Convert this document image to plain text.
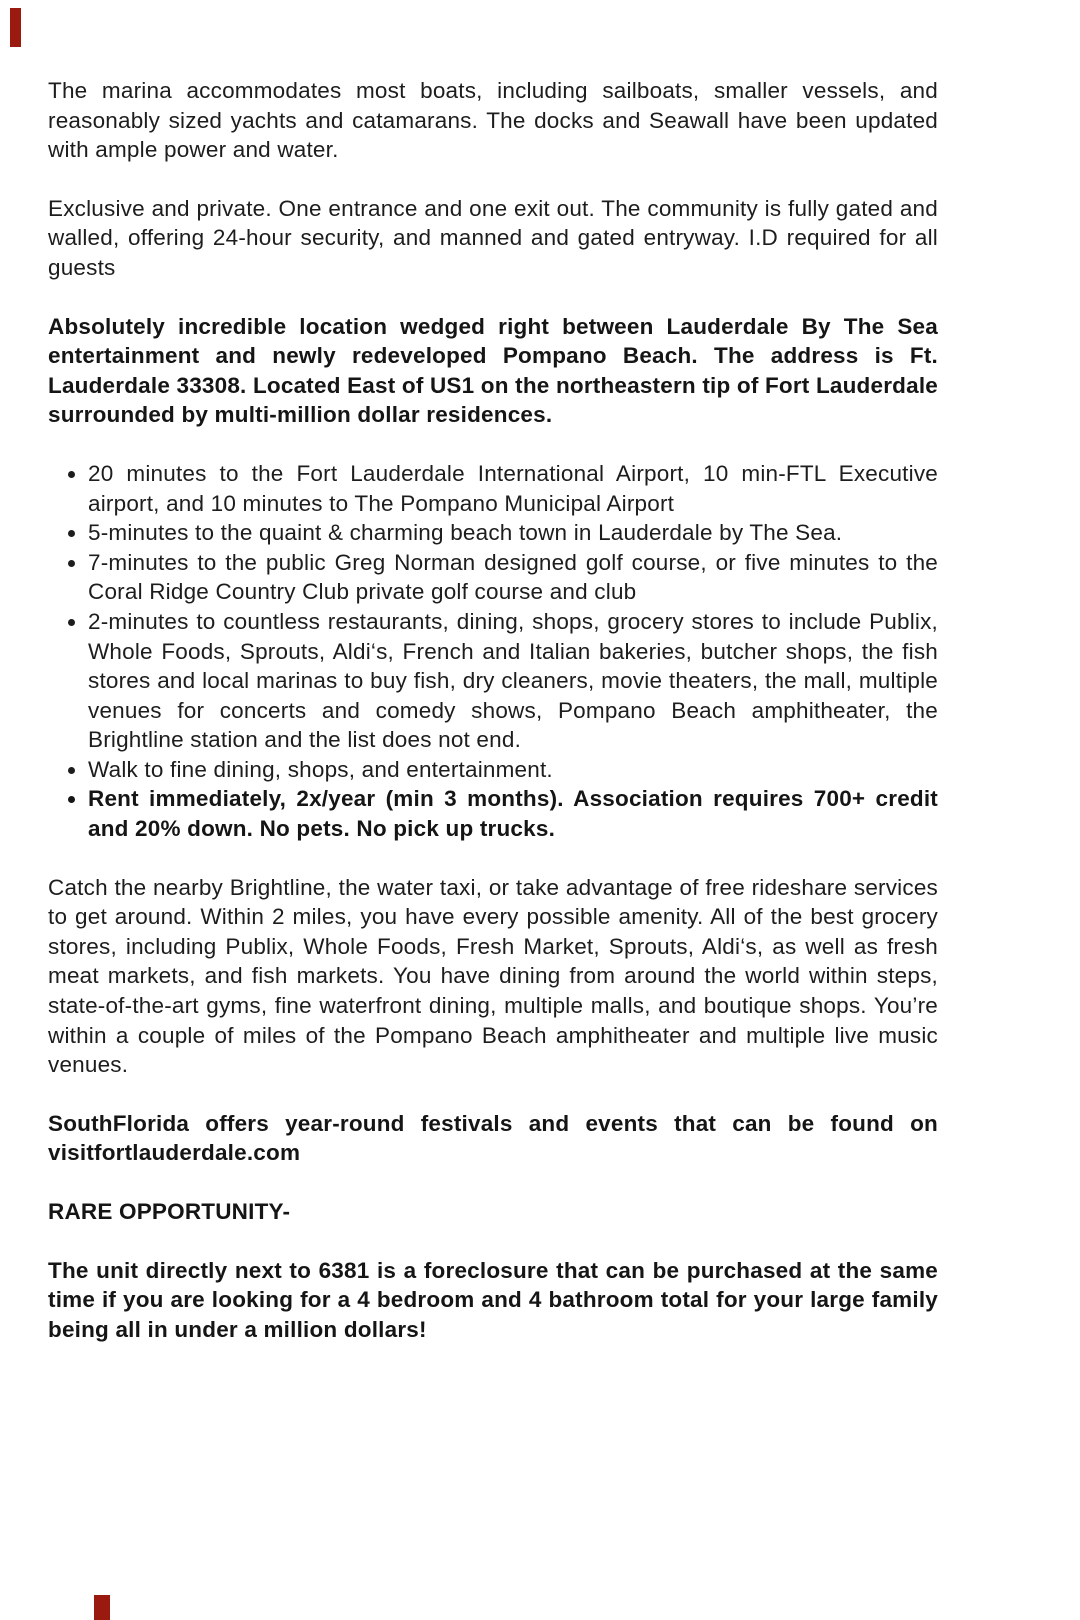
The marina accommodates most boats, including sailboats, smaller vessels, and reasonably sized yachts and catamarans. The docks and Seawall have been updated with ample power and water.

Exclusive and private. One entrance and one exit out. The community is fully gated and walled, offering 24-hour security, and manned and gated entryway. I.D required for all guests

Absolutely incredible location wedged right between Lauderdale By The Sea entertainment and newly redeveloped Pompano Beach. The address is Ft. Lauderdale 33308. Located East of US1 on the northeastern tip of Fort Lauderdale surrounded by multi-million dollar residences.

• 20 minutes to the Fort Lauderdale International Airport, 10 min-FTL Executive airport, and 10 minutes to The Pompano Municipal Airport
• 5-minutes to the quaint & charming beach town in Lauderdale by The Sea.
• 7-minutes to the public Greg Norman designed golf course, or five minutes to the Coral Ridge Country Club private golf course and club
• 2-minutes to countless restaurants, dining, shops, grocery stores to include Publix, Whole Foods, Sprouts, Aldi‘s, French and Italian bakeries, butcher shops, the fish stores and local marinas to buy fish, dry cleaners, movie theaters, the mall, multiple venues for concerts and comedy shows, Pompano Beach amphitheater, the Brightline station and the list does not end.
• Walk to fine dining, shops, and entertainment.
• Rent immediately, 2x/year (min 3 months). Association requires 700+ credit and 20% down. No pets. No pick up trucks.

Catch the nearby Brightline, the water taxi, or take advantage of free rideshare services to get around. Within 2 miles, you have every possible amenity. All of the best grocery stores, including Publix, Whole Foods, Fresh Market, Sprouts, Aldi‘s, as well as fresh meat markets, and fish markets. You have dining from around the world within steps, state-of-the-art gyms, fine waterfront dining, multiple malls, and boutique shops. You’re within a couple of miles of the Pompano Beach amphitheater and multiple live music venues.

SouthFlorida offers year-round festivals and events that can be found on visitfortlauderdale.com

RARE OPPORTUNITY-

The unit directly next to 6381 is a foreclosure that can be purchased at the same time if you are looking for a 4 bedroom and 4 bathroom total for your large family being all in under a million dollars!
